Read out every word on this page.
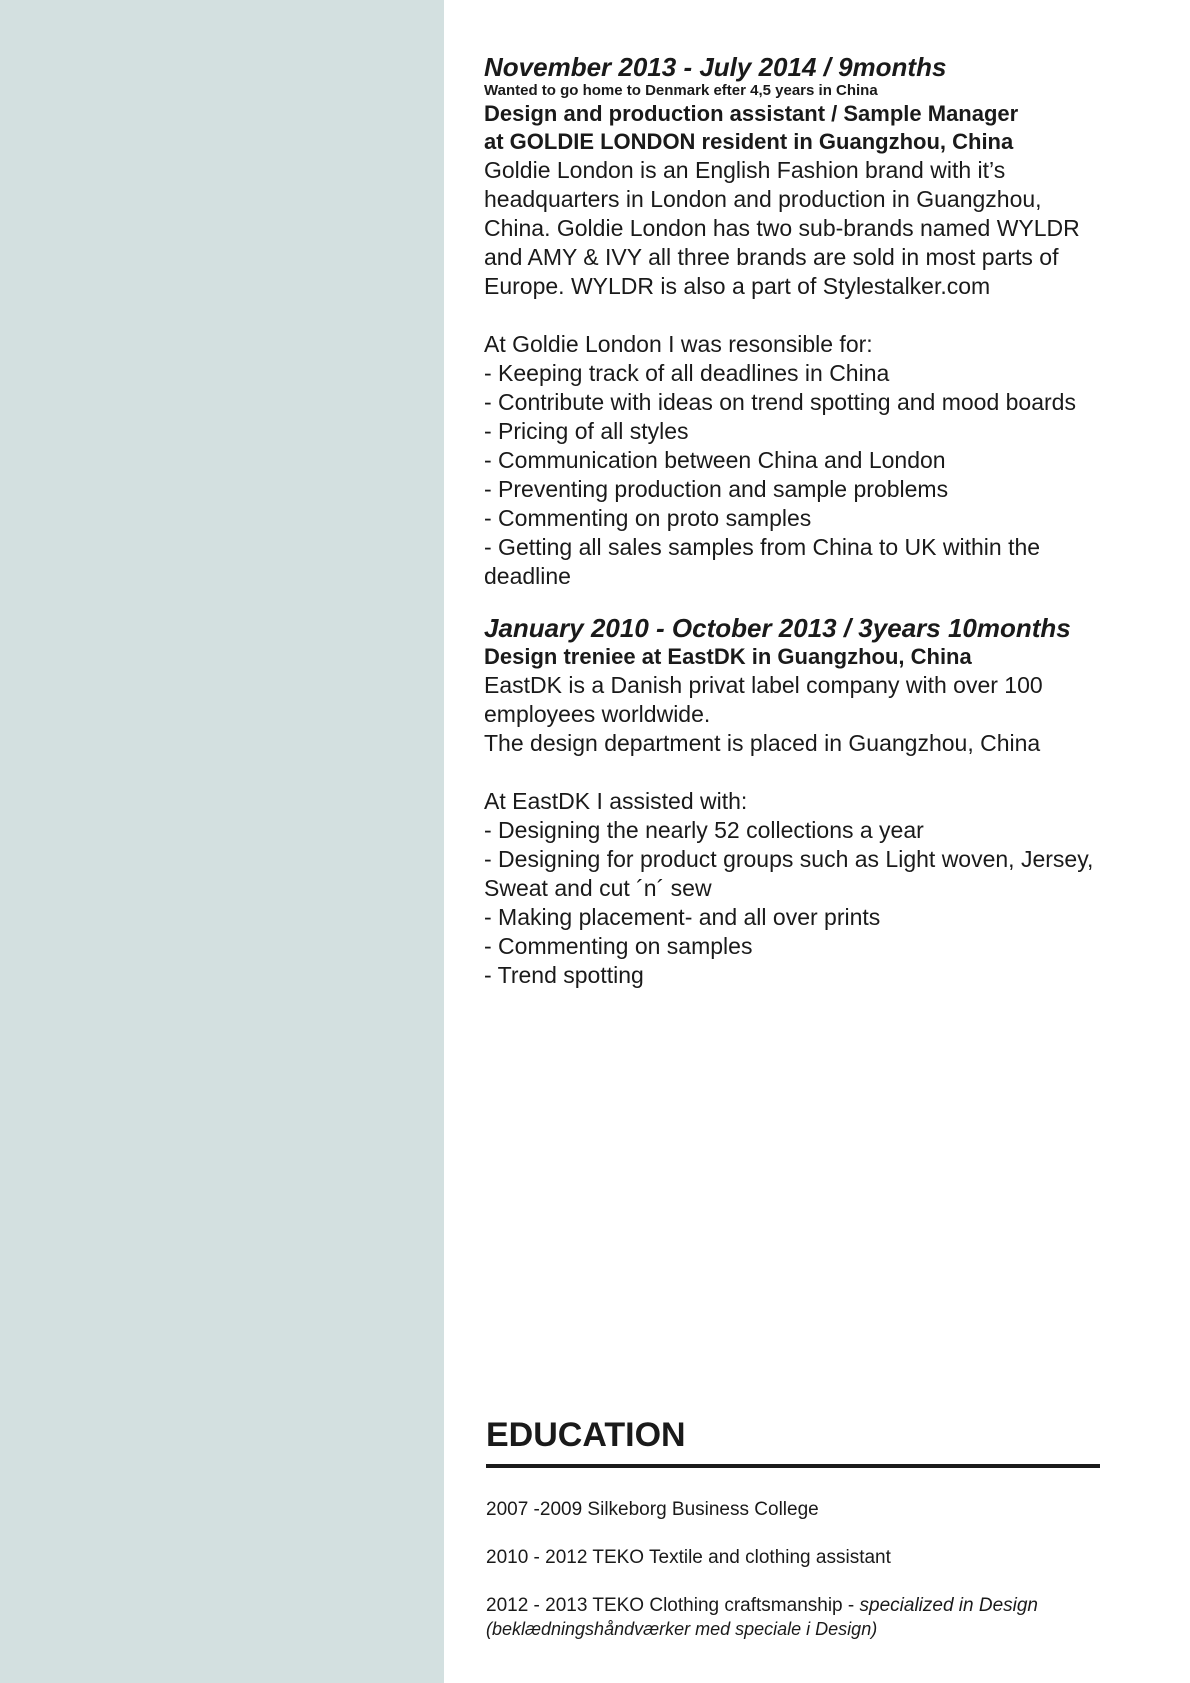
November 2013 - July 2014 / 9months

Wanted to go home to Denmark efter 4,5 years in China

Design and production assistant / Sample Manager

at GOLDIE LONDON resident in Guangzhou, China

Goldie London is an English Fashion brand with it’s

headquarters in London and production in Guangzhou,

China. Goldie London has two sub-brands named WYLDR

and AMY & IVY all three brands are sold in most parts of

Europe. WYLDR is also a part of Stylestalker.com

At Goldie London I was resonsible for:

- Keeping track of all deadlines in China
- Contribute with ideas on trend spotting and mood boards
- Pricing of all styles
- Communication between China and London
- Preventing production and sample problems
- Commenting on proto samples
- Getting all sales samples from China to UK within the deadline

January 2010 - October 2013 / 3years 10months

Design treniee at EastDK in Guangzhou, China

EastDK is a Danish privat label company with over 100

employees worldwide.

The design department is placed in Guangzhou, China

At EastDK I assisted with:

- Designing the nearly 52 collections a year
- Designing for product groups such as Light woven, Jersey, Sweat and cut ´n´ sew
- Making placement- and all over prints
- Commenting on samples
- Trend spotting
EDUCATION
2007 -2009 Silkeborg Business College
2010 - 2012 TEKO Textile and clothing assistant
2012 - 2013 TEKO Clothing craftsmanship - specialized in Design
(beklædningshåndværker med speciale i Design)
